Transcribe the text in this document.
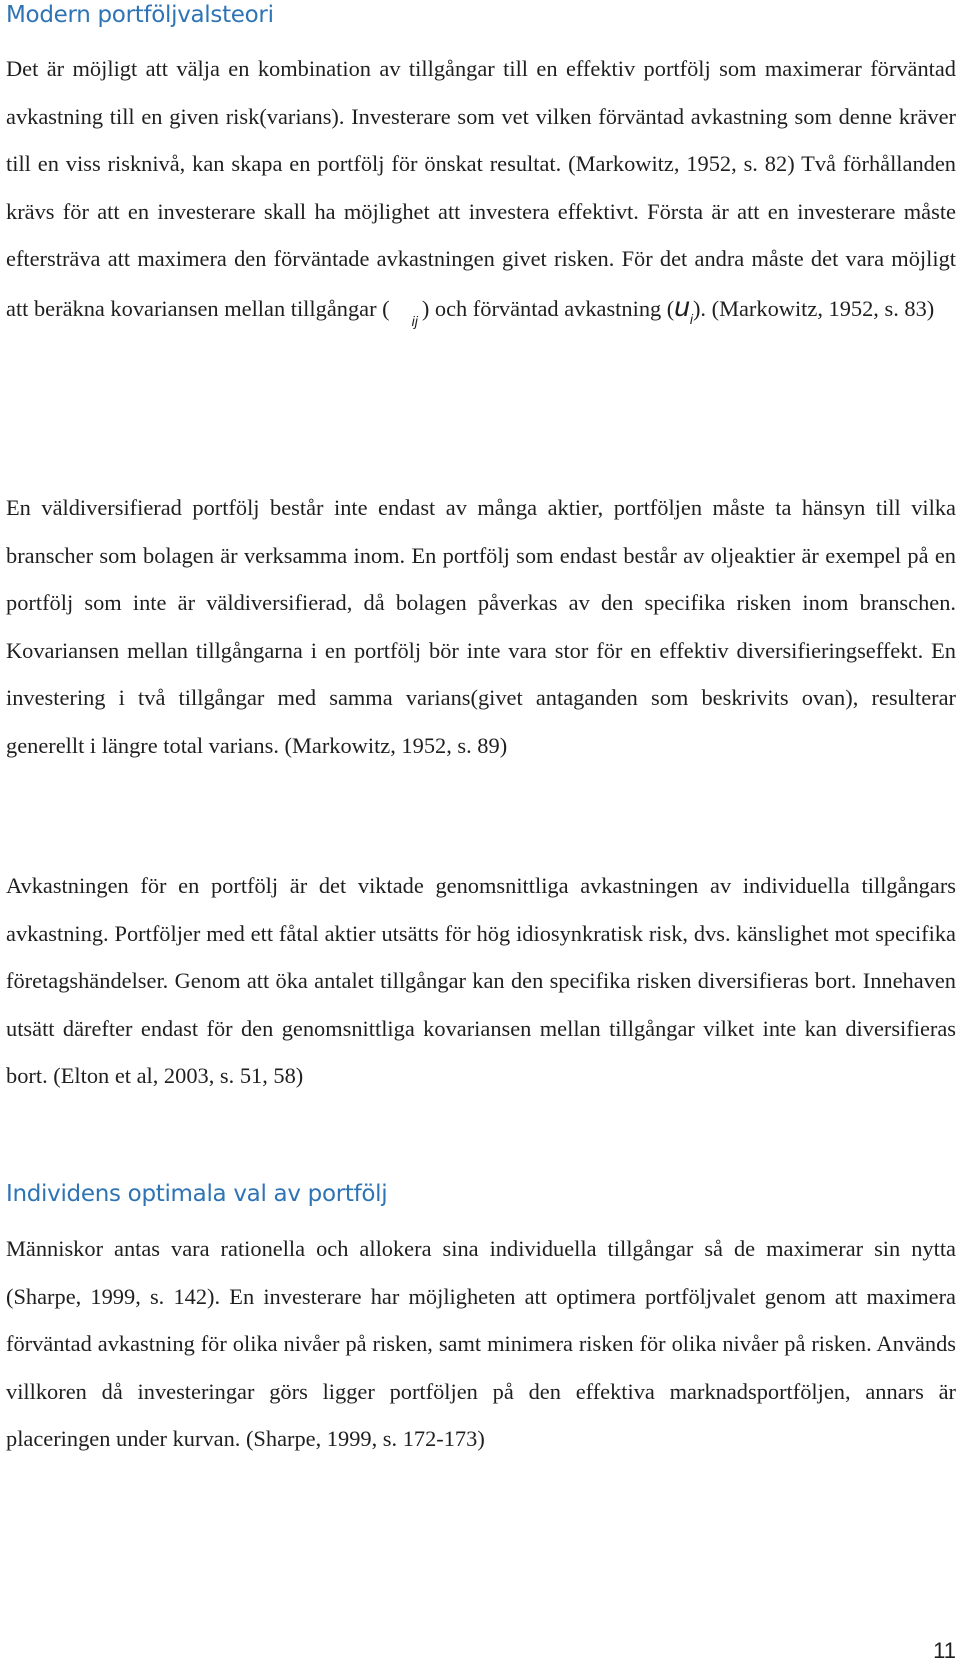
Modern portföljvalsteori

Det är möjligt att välja en kombination av tillgångar till en effektiv portfölj som maximerar förväntad avkastning till en given risk(varians). Investerare som vet vilken förväntad avkastning som denne kräver till en viss risknivå, kan skapa en portfölj för önskat resultat. (Markowitz, 1952, s. 82) Två förhållanden krävs för att en investerare skall ha möjlighet att investera effektivt. Första är att en investerare måste eftersträva att maximera den förväntade avkastningen givet risken. För det andra måste det vara möjligt att beräkna kovariansen mellan tillgångar ( $_{ij}$ ) och förväntad avkastning $(u_i)$. (Markowitz, 1952, s. 83)

En väldiversifierad portfölj består inte endast av många aktier, portföljen måste ta hänsyn till vilka branscher som bolagen är verksamma inom. En portfölj som endast består av oljeaktier är exempel på en portfölj som inte är väldiversifierad, då bolagen påverkas av den specifika risken inom branschen. Kovariansen mellan tillgångarna i en portfölj bör inte vara stor för en effektiv diversifieringseffekt. En investering i två tillgångar med samma varians(givet antaganden som beskrivits ovan), resulterar generellt i längre total varians. (Markowitz, 1952, s. 89)

Avkastningen för en portfölj är det viktade genomsnittliga avkastningen av individuella tillgångars avkastning. Portföljer med ett fåtal aktier utsätts för hög idiosynkratisk risk, dvs. känslighet mot specifika företagshändelser. Genom att öka antalet tillgångar kan den specifika risken diversifieras bort. Innehaven utsätt därefter endast för den genomsnittliga kovariansen mellan tillgångar vilket inte kan diversifieras bort. (Elton et al, 2003, s. 51, 58)

Individens optimala val av portfölj

Människor antas vara rationella och allokera sina individuella tillgångar så de maximerar sin nytta (Sharpe, 1999, s. 142). En investerare har möjligheten att optimera portföljvalet genom att maximera förväntad avkastning för olika nivåer på risken, samt minimera risken för olika nivåer på risken. Används villkoren då investeringar görs ligger portföljen på den effektiva marknadsportföljen, annars är placeringen under kurvan. (Sharpe, 1999, s. 172-173)

11
